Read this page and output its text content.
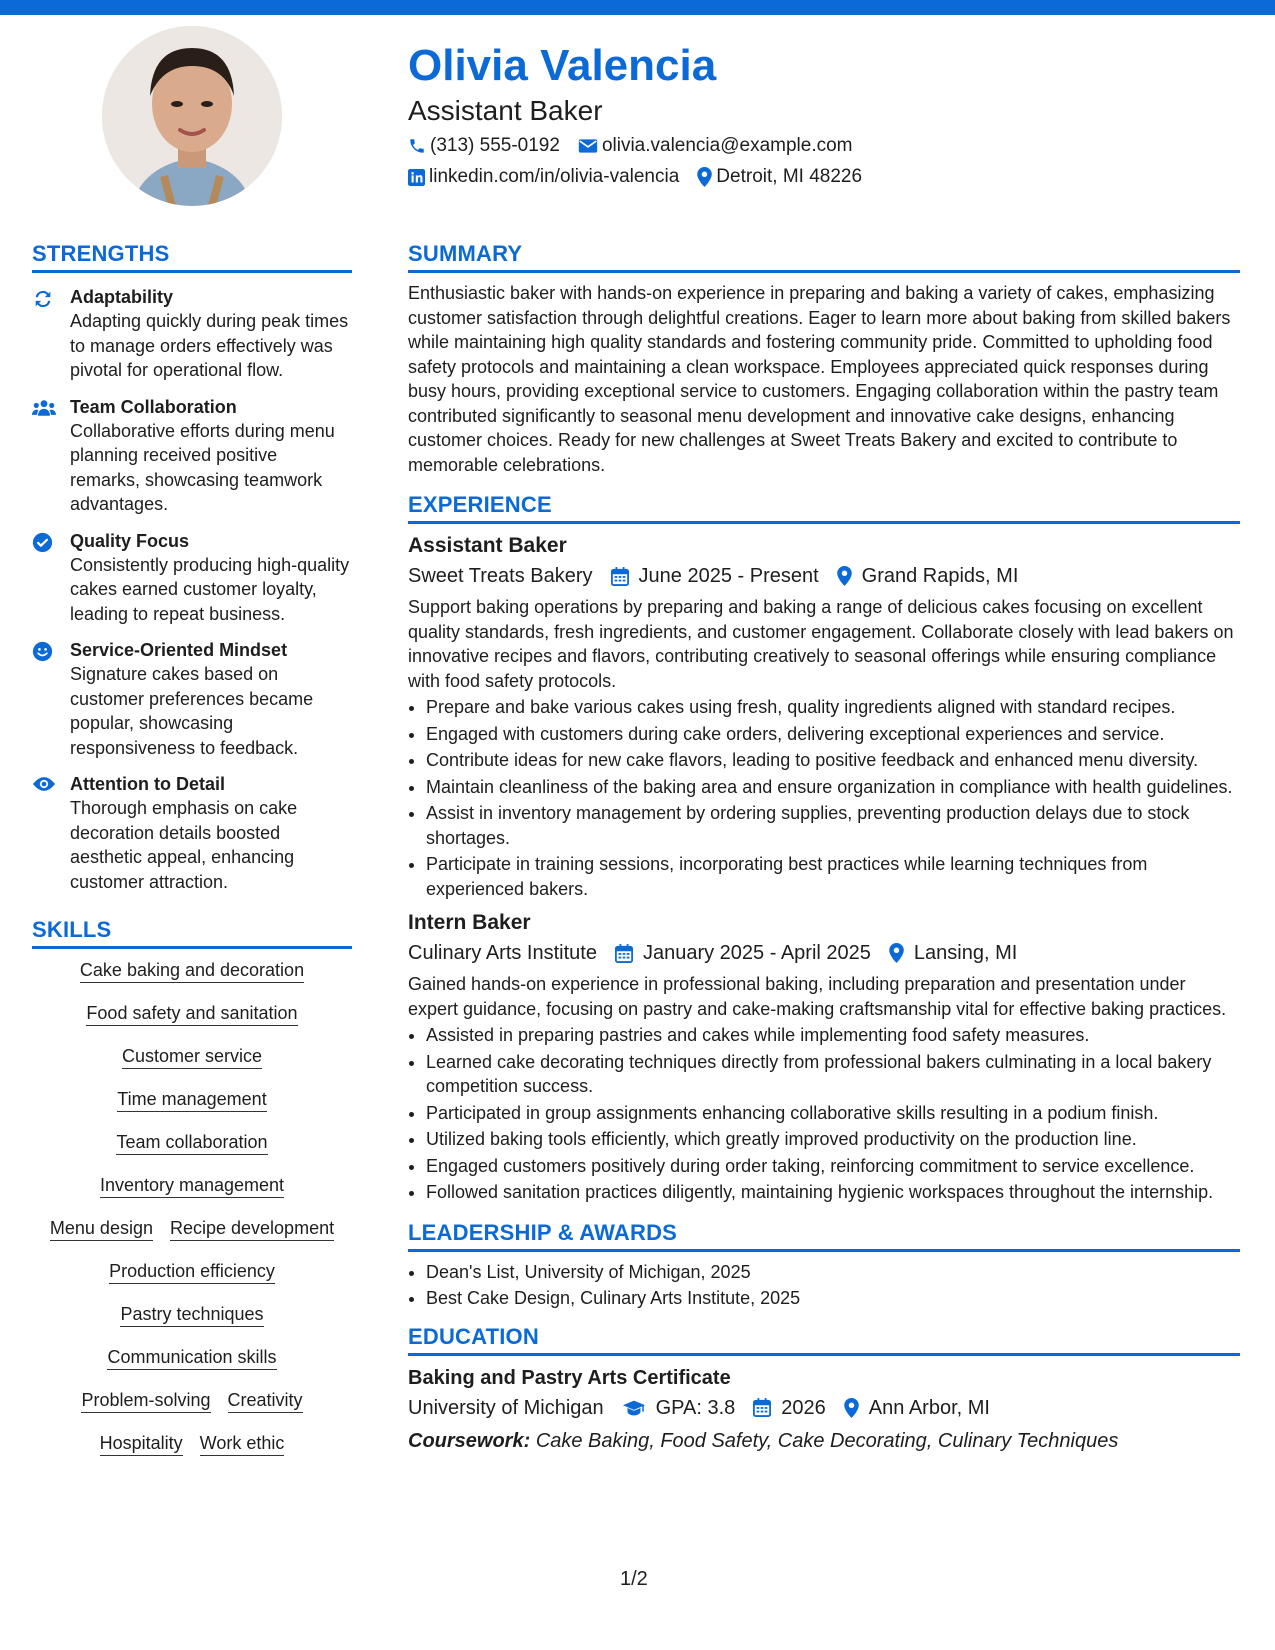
Olivia Valencia
Assistant Baker
(313) 555-0192 olivia.valencia@example.com
linkedin.com/in/olivia-valencia Detroit, MI 48226
STRENGTHS
Adaptability
Adapting quickly during peak times to manage orders effectively was pivotal for operational flow.
Team Collaboration
Collaborative efforts during menu planning received positive remarks, showcasing teamwork advantages.
Quality Focus
Consistently producing high-quality cakes earned customer loyalty, leading to repeat business.
Service-Oriented Mindset
Signature cakes based on customer preferences became popular, showcasing responsiveness to feedback.
Attention to Detail
Thorough emphasis on cake decoration details boosted aesthetic appeal, enhancing customer attraction.
SKILLS
Cake baking and decoration
Food safety and sanitation
Customer service
Time management
Team collaboration
Inventory management
Menu design Recipe development
Production efficiency
Pastry techniques
Communication skills
Problem-solving Creativity
Hospitality Work ethic
SUMMARY
Enthusiastic baker with hands-on experience in preparing and baking a variety of cakes, emphasizing customer satisfaction through delightful creations. Eager to learn more about baking from skilled bakers while maintaining high quality standards and fostering community pride. Committed to upholding food safety protocols and maintaining a clean workspace. Employees appreciated quick responses during busy hours, providing exceptional service to customers. Engaging collaboration within the pastry team contributed significantly to seasonal menu development and innovative cake designs, enhancing customer choices. Ready for new challenges at Sweet Treats Bakery and excited to contribute to memorable celebrations.
EXPERIENCE
Assistant Baker
Sweet Treats Bakery June 2025 - Present Grand Rapids, MI
Support baking operations by preparing and baking a range of delicious cakes focusing on excellent quality standards, fresh ingredients, and customer engagement. Collaborate closely with lead bakers on innovative recipes and flavors, contributing creatively to seasonal offerings while ensuring compliance with food safety protocols.
• Prepare and bake various cakes using fresh, quality ingredients aligned with standard recipes.
• Engaged with customers during cake orders, delivering exceptional experiences and service.
• Contribute ideas for new cake flavors, leading to positive feedback and enhanced menu diversity.
• Maintain cleanliness of the baking area and ensure organization in compliance with health guidelines.
• Assist in inventory management by ordering supplies, preventing production delays due to stock shortages.
• Participate in training sessions, incorporating best practices while learning techniques from experienced bakers.
Intern Baker
Culinary Arts Institute January 2025 - April 2025 Lansing, MI
Gained hands-on experience in professional baking, including preparation and presentation under expert guidance, focusing on pastry and cake-making craftsmanship vital for effective baking practices.
• Assisted in preparing pastries and cakes while implementing food safety measures.
• Learned cake decorating techniques directly from professional bakers culminating in a local bakery competition success.
• Participated in group assignments enhancing collaborative skills resulting in a podium finish.
• Utilized baking tools efficiently, which greatly improved productivity on the production line.
• Engaged customers positively during order taking, reinforcing commitment to service excellence.
• Followed sanitation practices diligently, maintaining hygienic workspaces throughout the internship.
LEADERSHIP & AWARDS
• Dean's List, University of Michigan, 2025
• Best Cake Design, Culinary Arts Institute, 2025
EDUCATION
Baking and Pastry Arts Certificate
University of Michigan	GPA: 3.8 2026 Ann Arbor, MI
Coursework: Cake Baking, Food Safety, Cake Decorating, Culinary Techniques
1/2
